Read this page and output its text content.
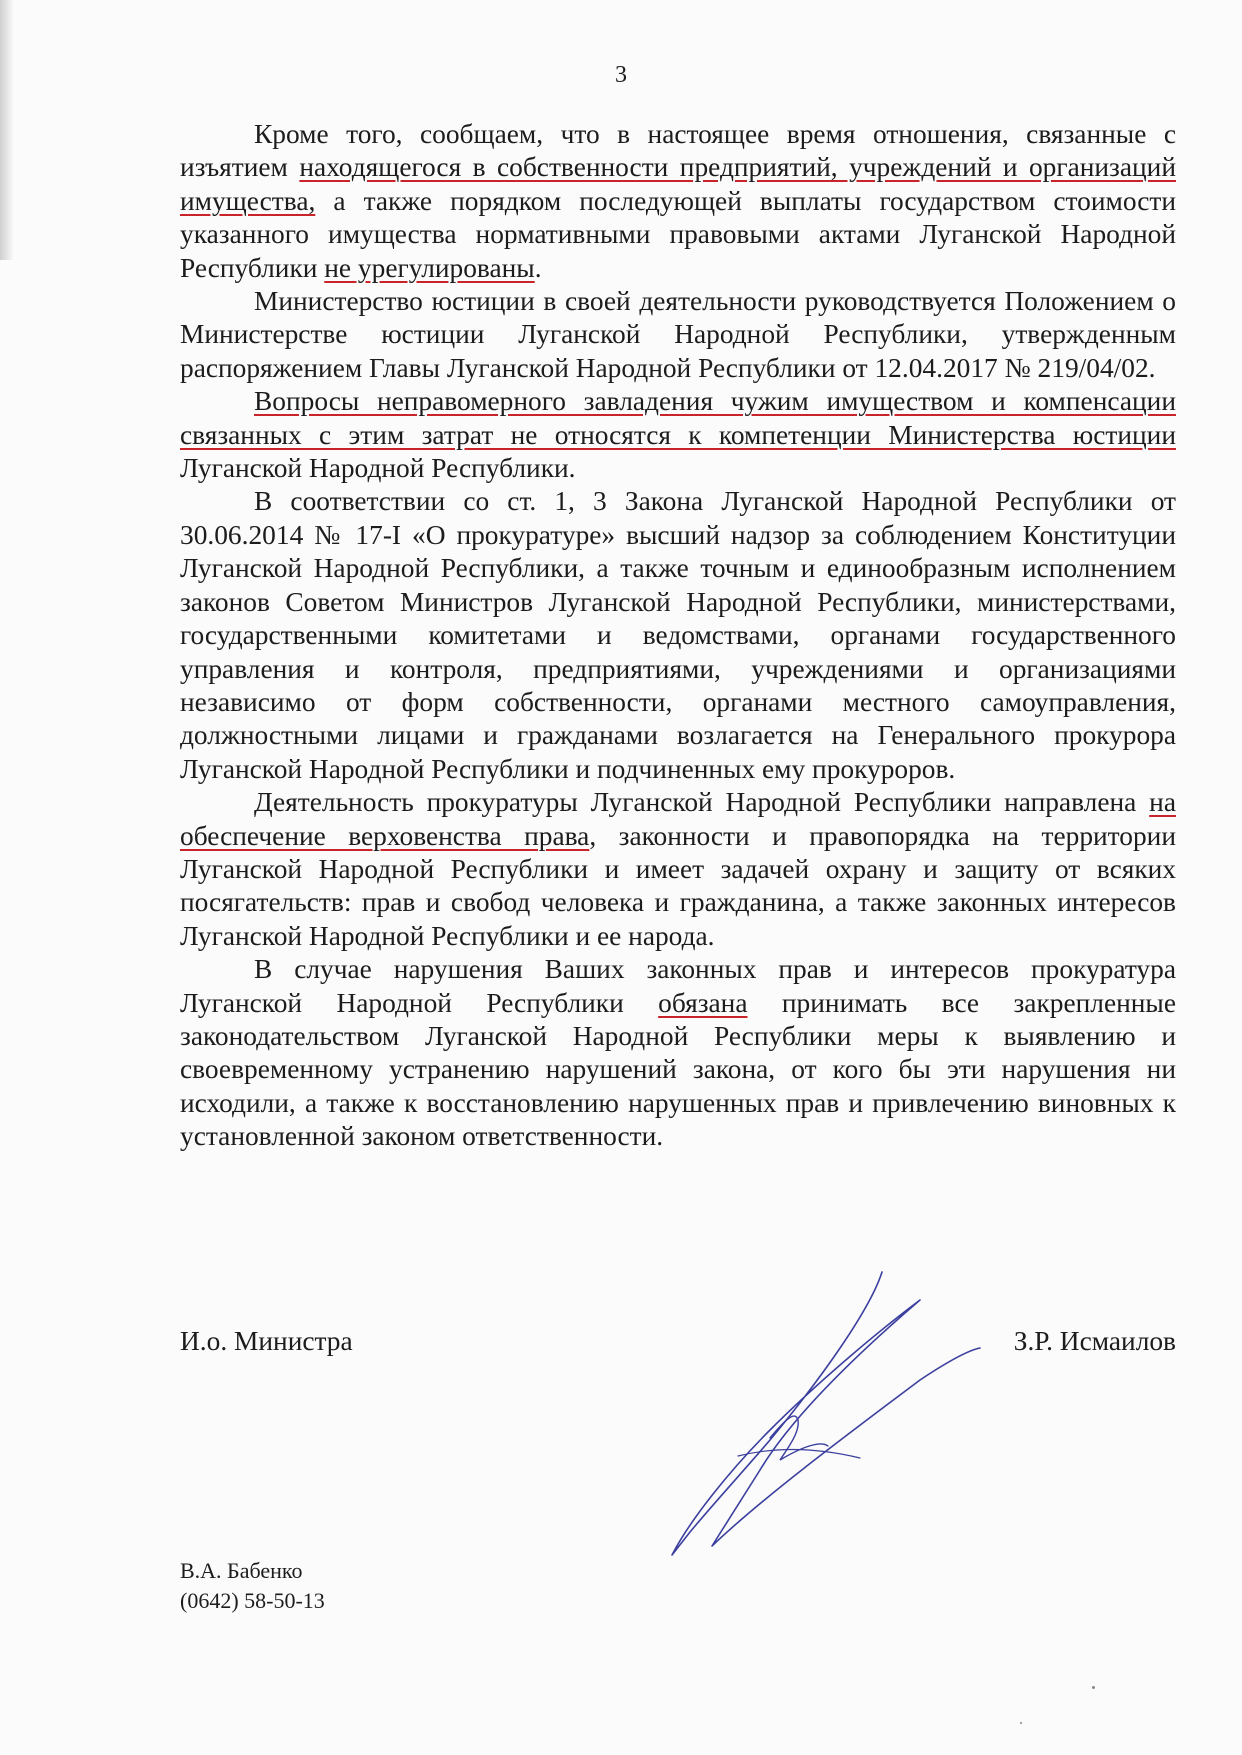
3

Кроме того, сообщаем, что в настоящее время отношения, связанные с изъятием находящегося в собственности предприятий, учреждений и организаций имущества, а также порядком последующей выплаты государством стоимости указанного имущества нормативными правовыми актами Луганской Народной Республики не урегулированы.

Министерство юстиции в своей деятельности руководствуется Положением о Министерстве юстиции Луганской Народной Республики, утвержденным распоряжением Главы Луганской Народной Республики от 12.04.2017 № 219/04/02.

Вопросы неправомерного завладения чужим имуществом и компенсации связанных с этим затрат не относятся к компетенции Министерства юстиции Луганской Народной Республики.

В соответствии со ст. 1, 3 Закона Луганской Народной Республики от 30.06.2014 № 17-I «О прокуратуре» высший надзор за соблюдением Конституции Луганской Народной Республики, а также точным и единообразным исполнением законов Советом Министров Луганской Народной Республики, министерствами, государственными комитетами и ведомствами, органами государственного управления и контроля, предприятиями, учреждениями и организациями независимо от форм собственности, органами местного самоуправления, должностными лицами и гражданами возлагается на Генерального прокурора Луганской Народной Республики и подчиненных ему прокуроров.

Деятельность прокуратуры Луганской Народной Республики направлена на обеспечение верховенства права, законности и правопорядка на территории Луганской Народной Республики и имеет задачей охрану и защиту от всяких посягательств: прав и свобод человека и гражданина, а также законных интересов Луганской Народной Республики и ее народа.

В случае нарушения Ваших законных прав и интересов прокуратура Луганской Народной Республики обязана принимать все закрепленные законодательством Луганской Народной Республики меры к выявлению и своевременному устранению нарушений закона, от кого бы эти нарушения ни исходили, а также к восстановлению нарушенных прав и привлечению виновных к установленной законом ответственности.

И.о. Министра	З.Р. Исмаилов
В.А. Бабенко
(0642) 58-50-13
